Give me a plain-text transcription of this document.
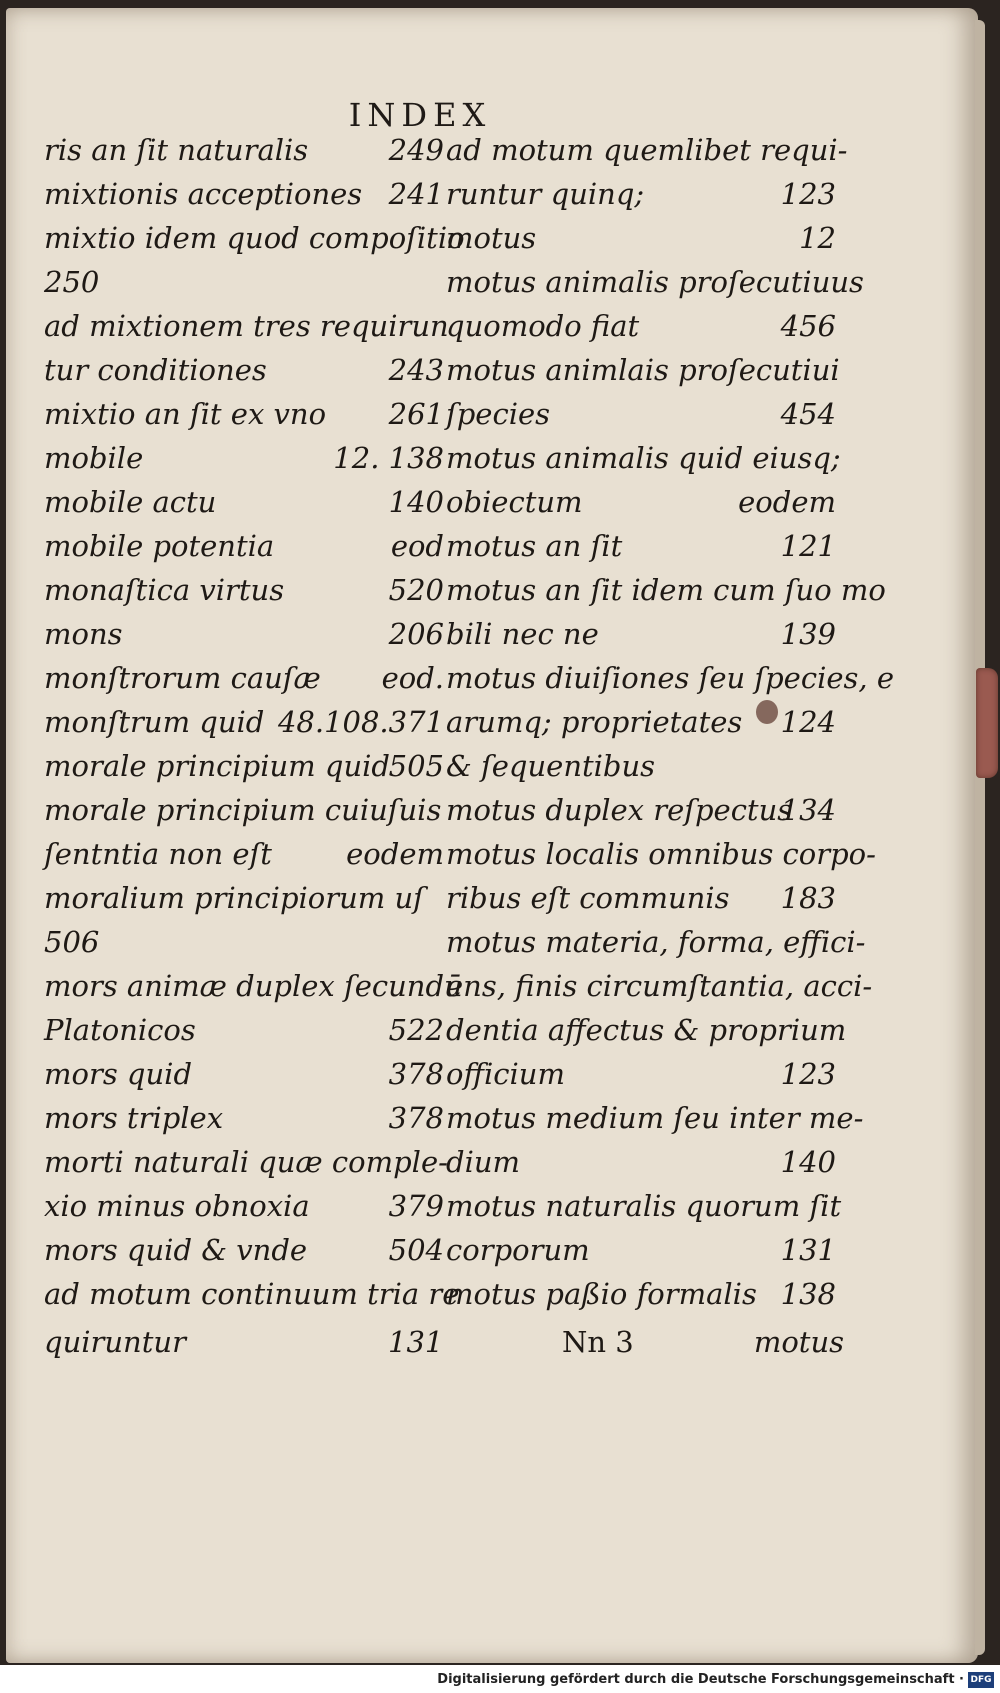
INDEX
ris an ſit naturalis	249
mixtionis acceptiones 241
mixtio idem quod compoſitio
250
ad mixtionem tres requirun
tur conditiones	243
mixtio an ſit ex vno 261
mobile	12. 138
mobile actu	140
mobile potentia	eod
monaſtica virtus	520
mons	206
monſtrorum cauſæ eod.
monſtrum quid 48.108.371
morale principium quid
505
morale principium cuiuſuis
ſentntia non eſt	eodem
moralium principiorum uſ
506
mors animæ duplex ſecundū
Platonicos	522
mors quid	378
mors triplex	378
morti naturali quæ comple-
xio minus obnoxia	379
mors quid & vnde	504
ad motum continuum tria re
ad motum quemlibet requi-
runtur quinq;	123
motus	12
motus animalis proſecutiuus
quomodo fiat	456
motus animlais proſecutiui
ſpecies	454
motus animalis quid eiusq;
obiectum	eodem
motus an ſit	121
motus an ſit idem cum ſuo mo
bili nec ne	139
motus diuiſiones ſeu ſpecies, e
arumq; proprietates 124
& ſequentibus
motus duplex reſpectus
134
motus localis omnibus corpo-
ribus eſt communis 183
motus materia, forma, effici-
ens, finis circumſtantia, acci-
dentia affectus & proprium
officium	123
motus medium ſeu inter me-
dium	140
motus naturalis quorum ſit
corporum	131
motus paßio formalis 138
quiruntur	131	Nn 3	motus
Digitalisierung gefördert durch die Deutsche Forschungsgemeinschaft · DFG
